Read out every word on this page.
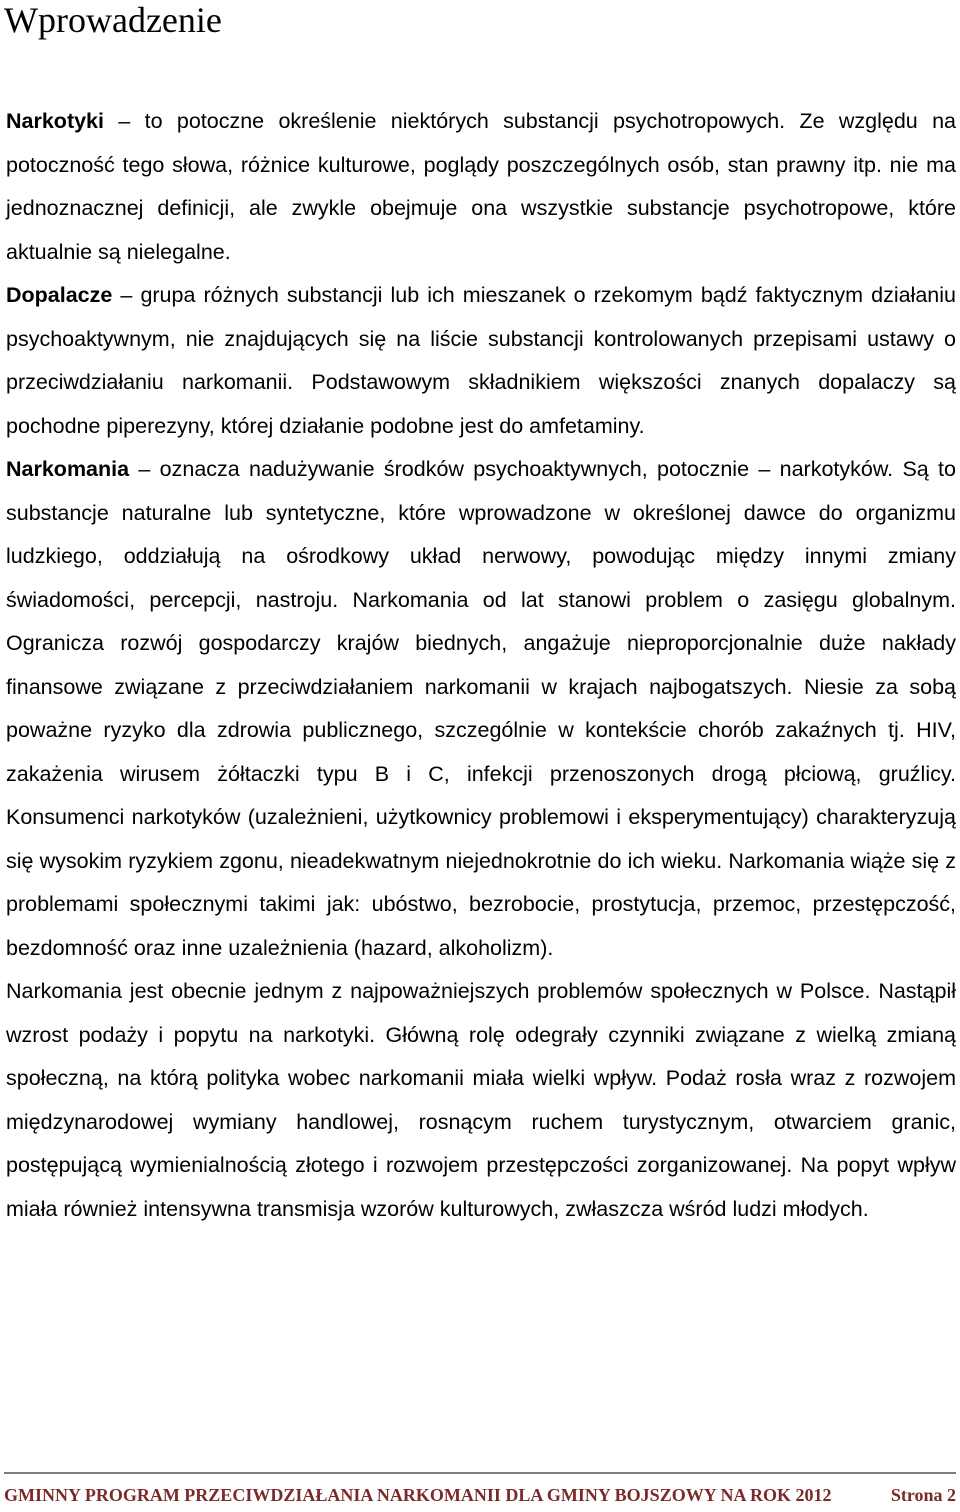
Wprowadzenie

Narkotyki – to potoczne określenie niektórych substancji psychotropowych. Ze względu na potoczność tego słowa, różnice kulturowe, poglądy poszczególnych osób, stan prawny itp. nie ma jednoznacznej definicji, ale zwykle obejmuje ona wszystkie substancje psychotropowe, które aktualnie są nielegalne.

Dopalacze – grupa różnych substancji lub ich mieszanek o rzekomym bądź faktycznym działaniu psychoaktywnym, nie znajdujących się na liście substancji kontrolowanych przepisami ustawy o przeciwdziałaniu narkomanii. Podstawowym składnikiem większości znanych dopalaczy są pochodne piperezyny, której działanie podobne jest do amfetaminy.

Narkomania – oznacza nadużywanie środków psychoaktywnych, potocznie – narkotyków. Są to substancje naturalne lub syntetyczne, które wprowadzone w określonej dawce do organizmu ludzkiego, oddziałują na ośrodkowy układ nerwowy, powodując między innymi zmiany świadomości, percepcji, nastroju. Narkomania od lat stanowi problem o zasięgu globalnym. Ogranicza rozwój gospodarczy krajów biednych, angażuje nieproporcjonalnie duże nakłady finansowe związane z przeciwdziałaniem narkomanii w krajach najbogatszych. Niesie za sobą poważne ryzyko dla zdrowia publicznego, szczególnie w kontekście chorób zakaźnych tj. HIV, zakażenia wirusem żółtaczki typu B i C, infekcji przenoszonych drogą płciową, gruźlicy. Konsumenci narkotyków (uzależnieni, użytkownicy problemowi i eksperymentujący) charakteryzują się wysokim ryzykiem zgonu, nieadekwatnym niejednokrotnie do ich wieku. Narkomania wiąże się z problemami społecznymi takimi jak: ubóstwo, bezrobocie, prostytucja, przemoc, przestępczość, bezdomność oraz inne uzależnienia (hazard, alkoholizm).

Narkomania jest obecnie jednym z najpoważniejszych problemów społecznych w Polsce. Nastąpił wzrost podaży i popytu na narkotyki. Główną rolę odegrały czynniki związane z wielką zmianą społeczną, na którą polityka wobec narkomanii miała wielki wpływ. Podaż rosła wraz z rozwojem międzynarodowej wymiany handlowej, rosnącym ruchem turystycznym, otwarciem granic, postępującą wymienialnością złotego i rozwojem przestępczości zorganizowanej. Na popyt wpływ miała również intensywna transmisja wzorów kulturowych, zwłaszcza wśród ludzi młodych.

GMINNY PROGRAM PRZECIWDZIAŁANIA NARKOMANII DLA GMINY BOJSZOWY NA ROK 2012	Strona 2
